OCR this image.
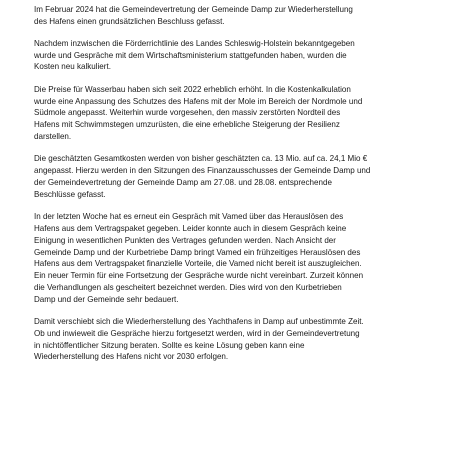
Im Februar 2024 hat die Gemeindevertretung der Gemeinde Damp zur Wiederherstellung
des Hafens einen grundsätzlichen Beschluss gefasst.

Nachdem inzwischen die Förderrichtlinie des Landes Schleswig-Holstein bekanntgegeben
wurde und Gespräche mit dem Wirtschaftsministerium stattgefunden haben, wurden die
Kosten neu kalkuliert.

Die Preise für Wasserbau haben sich seit 2022 erheblich erhöht. In die Kostenkalkulation
wurde eine Anpassung des Schutzes des Hafens mit der Mole im Bereich der Nordmole und
Südmole angepasst. Weiterhin wurde vorgesehen, den massiv zerstörten Nordteil des
Hafens mit Schwimmstegen umzurüsten, die eine erhebliche Steigerung der Resilienz
darstellen.

Die geschätzten Gesamtkosten werden von bisher geschätzten ca. 13 Mio. auf ca. 24,1 Mio €
angepasst. Hierzu werden in den Sitzungen des Finanzausschusses der Gemeinde Damp und
der Gemeindevertretung der Gemeinde Damp am 27.08. und 28.08. entsprechende
Beschlüsse gefasst.

In der letzten Woche hat es erneut ein Gespräch mit Vamed über das Herauslösen des
Hafens aus dem Vertragspaket gegeben. Leider konnte auch in diesem Gespräch keine
Einigung in wesentlichen Punkten des Vertrages gefunden werden. Nach Ansicht der
Gemeinde Damp und der Kurbetriebe Damp bringt Vamed ein frühzeitiges Herauslösen des
Hafens aus dem Vertragspaket finanzielle Vorteile, die Vamed nicht bereit ist auszugleichen.
Ein neuer Termin für eine Fortsetzung der Gespräche wurde nicht vereinbart. Zurzeit können
die Verhandlungen als gescheitert bezeichnet werden. Dies wird von den Kurbetrieben
Damp und der Gemeinde sehr bedauert.

Damit verschiebt sich die Wiederherstellung des Yachthafens in Damp auf unbestimmte Zeit.
Ob und inwieweit die Gespräche hierzu fortgesetzt werden, wird in der Gemeindevertretung
in nichtöffentlicher Sitzung beraten. Sollte es keine Lösung geben kann eine
Wiederherstellung des Hafens nicht vor 2030 erfolgen.
